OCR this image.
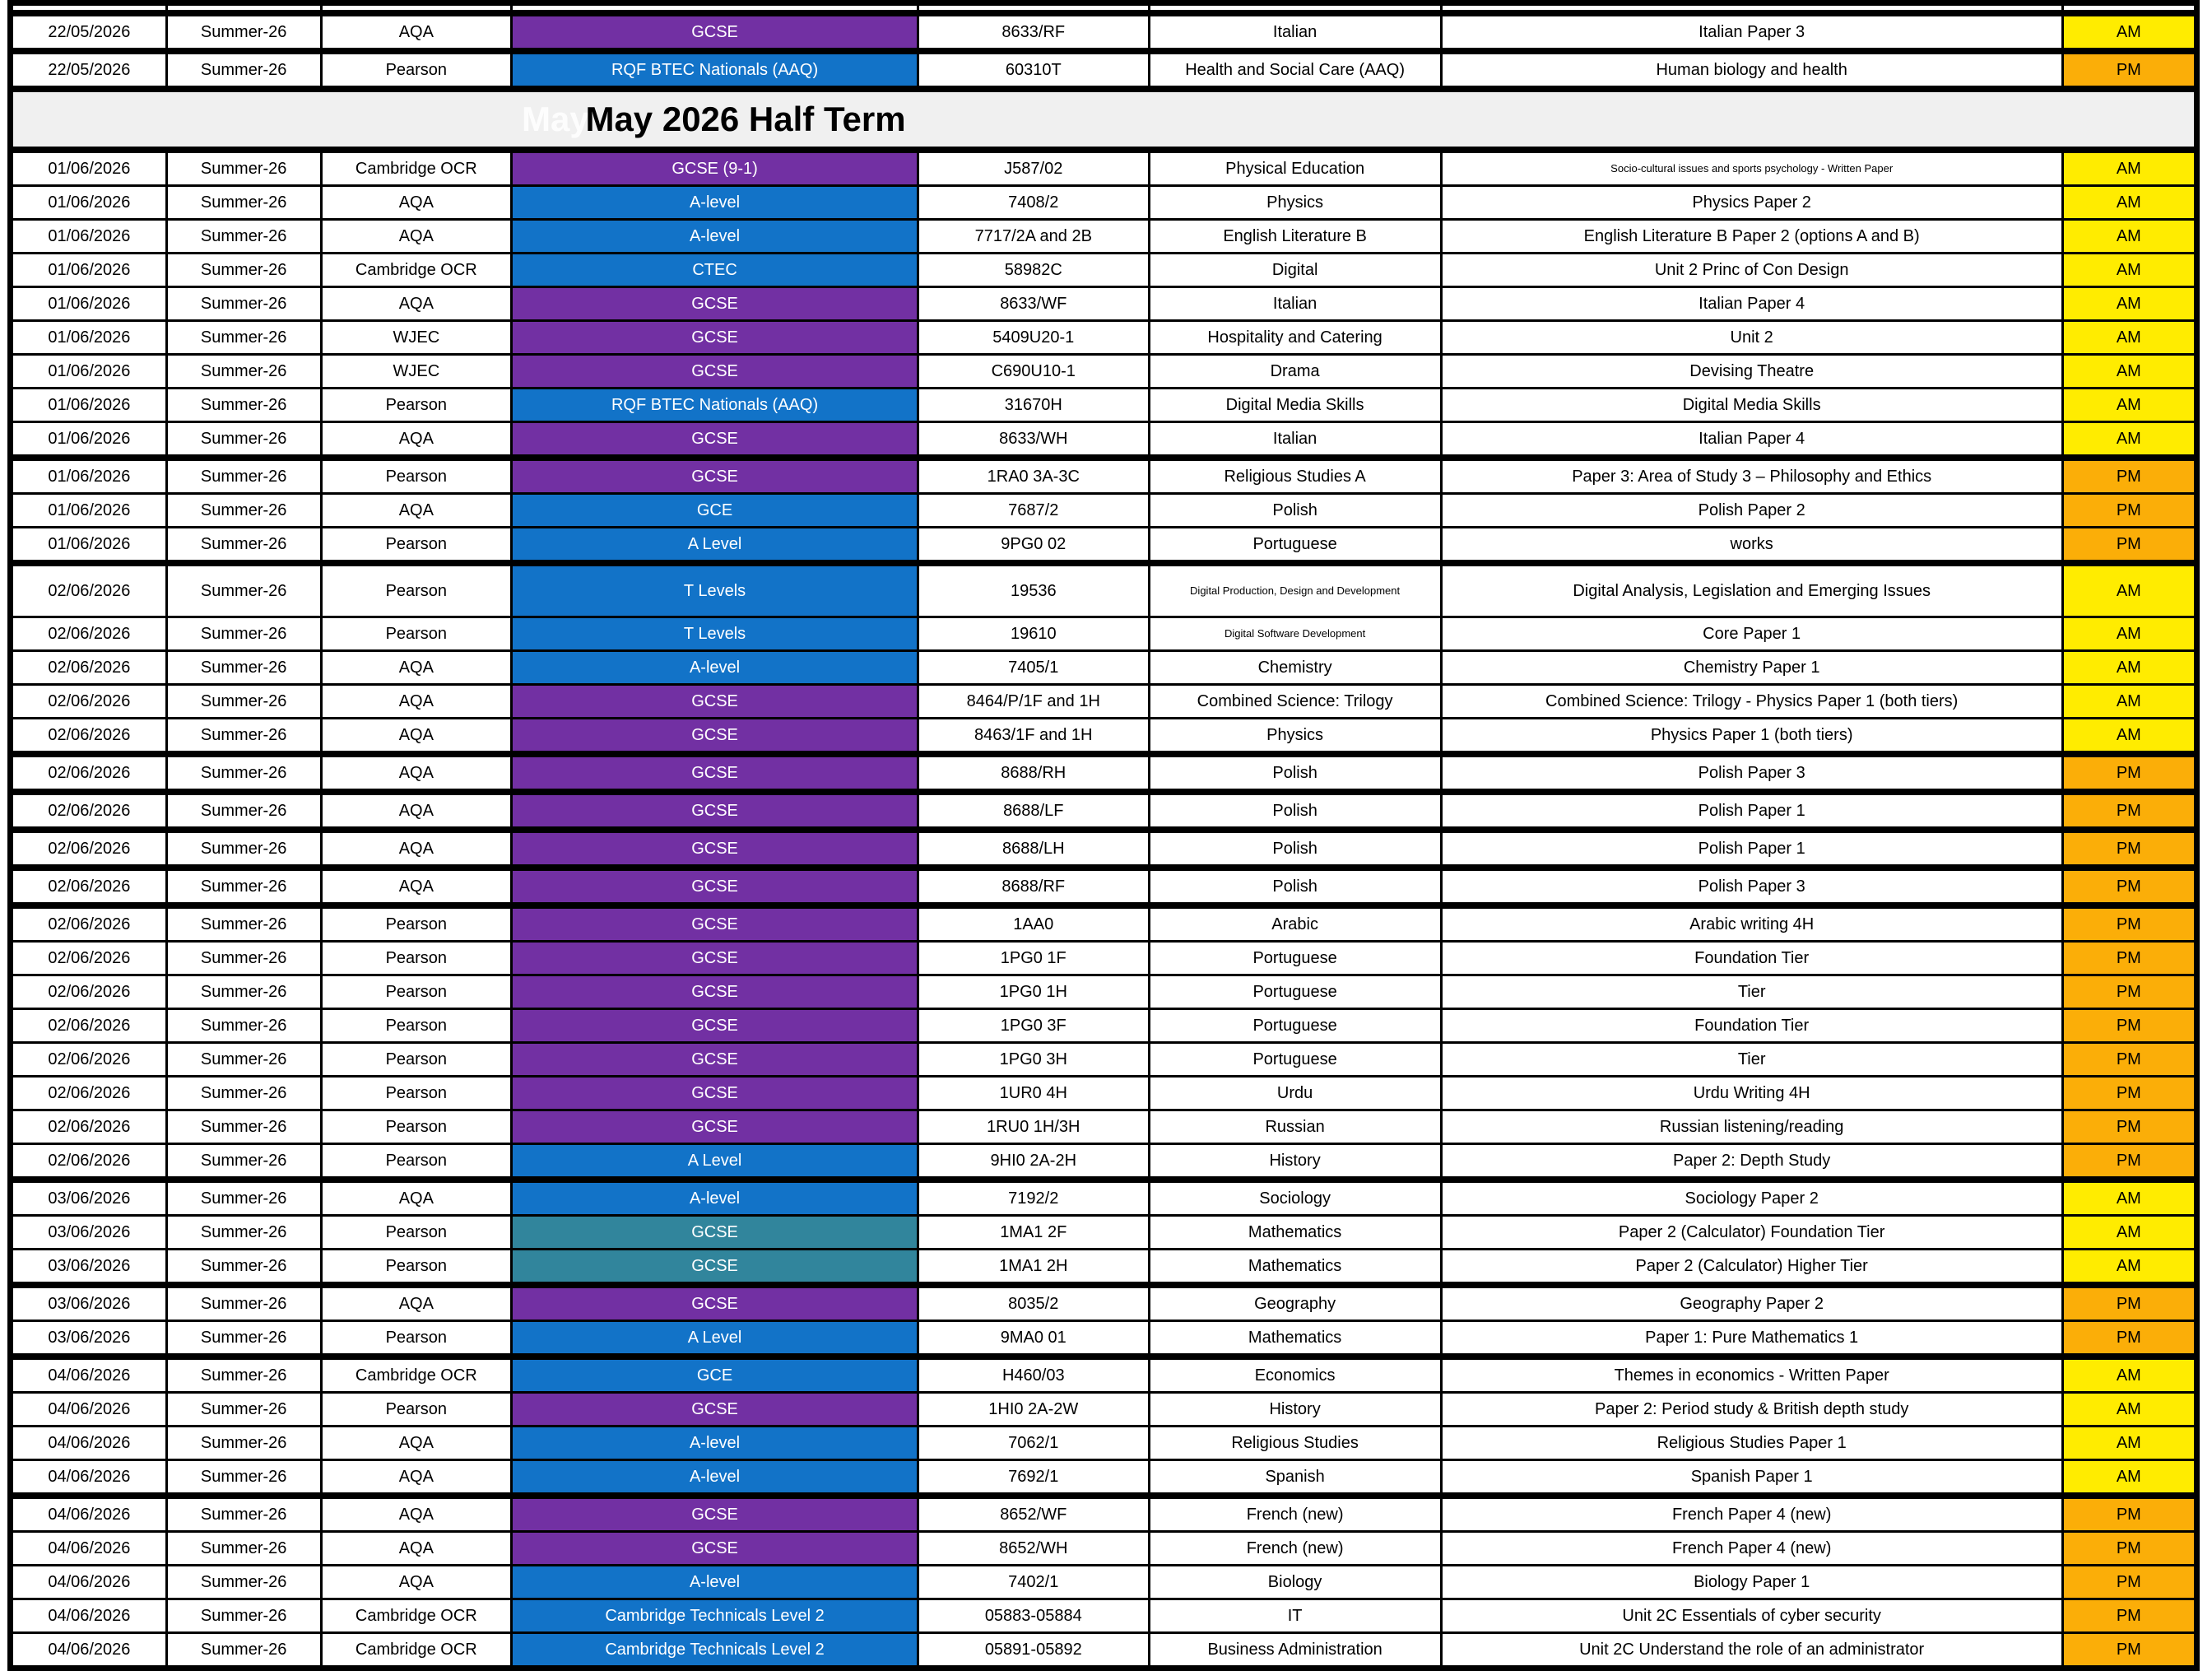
22/05/2026	Summer-26	AQA	GCSE	8633/RF	Italian	Italian Paper 3	AM
22/05/2026	Summer-26	Pearson	RQF BTEC Nationals (AAQ)	60310T	Health and Social Care (AAQ)	Human biology and health	PM

May
May 2026 Half Term							

01/06/2026	Summer-26	Cambridge OCR	GCSE (9-1)	J587/02	Physical Education	Socio-cultural issues and sports psychology - Written Paper	AM
01/06/2026	Summer-26	AQA	A-level	7408/2	Physics	Physics Paper 2	AM
01/06/2026	Summer-26	AQA	A-level	7717/2A and 2B	English Literature B	English Literature B Paper 2 (options A and B)	AM
01/06/2026	Summer-26	Cambridge OCR	CTEC	58982C	Digital	Unit 2 Princ of Con Design	AM
01/06/2026	Summer-26	AQA	GCSE	8633/WF	Italian	Italian Paper 4	AM
01/06/2026	Summer-26	WJEC	GCSE	5409U20-1	Hospitality and Catering	Unit 2	AM
01/06/2026	Summer-26	WJEC	GCSE	C690U10-1	Drama	Devising Theatre	AM
01/06/2026	Summer-26	Pearson	RQF BTEC Nationals (AAQ)	31670H	Digital Media Skills	Digital Media Skills	AM
01/06/2026	Summer-26	AQA	GCSE	8633/WH	Italian	Italian Paper 4	AM
01/06/2026	Summer-26	Pearson	GCSE	1RA0 3A-3C	Religious Studies A	Paper 3: Area of Study 3 – Philosophy and Ethics	PM
01/06/2026	Summer-26	AQA	GCE	7687/2	Polish	Polish Paper 2	PM
01/06/2026	Summer-26	Pearson	A Level	9PG0 02	Portuguese	works	PM
02/06/2026	Summer-26	Pearson	T Levels	19536	Digital Production, Design and Development	Digital Analysis, Legislation and Emerging Issues	AM
02/06/2026	Summer-26	Pearson	T Levels	19610	Digital Software Development	Core Paper 1	AM
02/06/2026	Summer-26	AQA	A-level	7405/1	Chemistry	Chemistry Paper 1	AM
02/06/2026	Summer-26	AQA	GCSE	8464/P/1F and 1H	Combined Science: Trilogy	Combined Science: Trilogy - Physics Paper 1 (both tiers)	AM
02/06/2026	Summer-26	AQA	GCSE	8463/1F and 1H	Physics	Physics Paper 1 (both tiers)	AM
02/06/2026	Summer-26	AQA	GCSE	8688/RH	Polish	Polish Paper 3	PM
02/06/2026	Summer-26	AQA	GCSE	8688/LF	Polish	Polish Paper 1	PM
02/06/2026	Summer-26	AQA	GCSE	8688/LH	Polish	Polish Paper 1	PM
02/06/2026	Summer-26	AQA	GCSE	8688/RF	Polish	Polish Paper 3	PM
02/06/2026	Summer-26	Pearson	GCSE	1AA0	Arabic	Arabic writing 4H	PM
02/06/2026	Summer-26	Pearson	GCSE	1PG0 1F	Portuguese	Foundation Tier	PM
02/06/2026	Summer-26	Pearson	GCSE	1PG0 1H	Portuguese	Tier	PM
02/06/2026	Summer-26	Pearson	GCSE	1PG0 3F	Portuguese	Foundation Tier	PM
02/06/2026	Summer-26	Pearson	GCSE	1PG0 3H	Portuguese	Tier	PM
02/06/2026	Summer-26	Pearson	GCSE	1UR0 4H	Urdu	Urdu Writing 4H	PM
02/06/2026	Summer-26	Pearson	GCSE	1RU0 1H/3H	Russian	Russian listening/reading	PM
02/06/2026	Summer-26	Pearson	A Level	9HI0 2A-2H	History	Paper 2: Depth Study	PM
03/06/2026	Summer-26	AQA	A-level	7192/2	Sociology	Sociology Paper 2	AM
03/06/2026	Summer-26	Pearson	GCSE	1MA1 2F	Mathematics	Paper 2 (Calculator) Foundation Tier	AM
03/06/2026	Summer-26	Pearson	GCSE	1MA1 2H	Mathematics	Paper 2 (Calculator) Higher Tier	AM
03/06/2026	Summer-26	AQA	GCSE	8035/2	Geography	Geography Paper 2	PM
03/06/2026	Summer-26	Pearson	A Level	9MA0 01	Mathematics	Paper 1: Pure Mathematics 1	PM
04/06/2026	Summer-26	Cambridge OCR	GCE	H460/03	Economics	Themes in economics - Written Paper	AM
04/06/2026	Summer-26	Pearson	GCSE	1HI0 2A-2W	History	Paper 2: Period study & British depth study	AM
04/06/2026	Summer-26	AQA	A-level	7062/1	Religious Studies	Religious Studies Paper 1	AM
04/06/2026	Summer-26	AQA	A-level	7692/1	Spanish	Spanish Paper 1	AM
04/06/2026	Summer-26	AQA	GCSE	8652/WF	French (new)	French Paper 4 (new)	PM
04/06/2026	Summer-26	AQA	GCSE	8652/WH	French (new)	French Paper 4 (new)	PM
04/06/2026	Summer-26	AQA	A-level	7402/1	Biology	Biology Paper 1	PM
04/06/2026	Summer-26	Cambridge OCR	Cambridge Technicals Level 2	05883-05884	IT	Unit 2C Essentials of cyber security	PM
04/06/2026	Summer-26	Cambridge OCR	Cambridge Technicals Level 2	05891-05892	Business Administration	Unit 2C Understand the role of an administrator	PM
